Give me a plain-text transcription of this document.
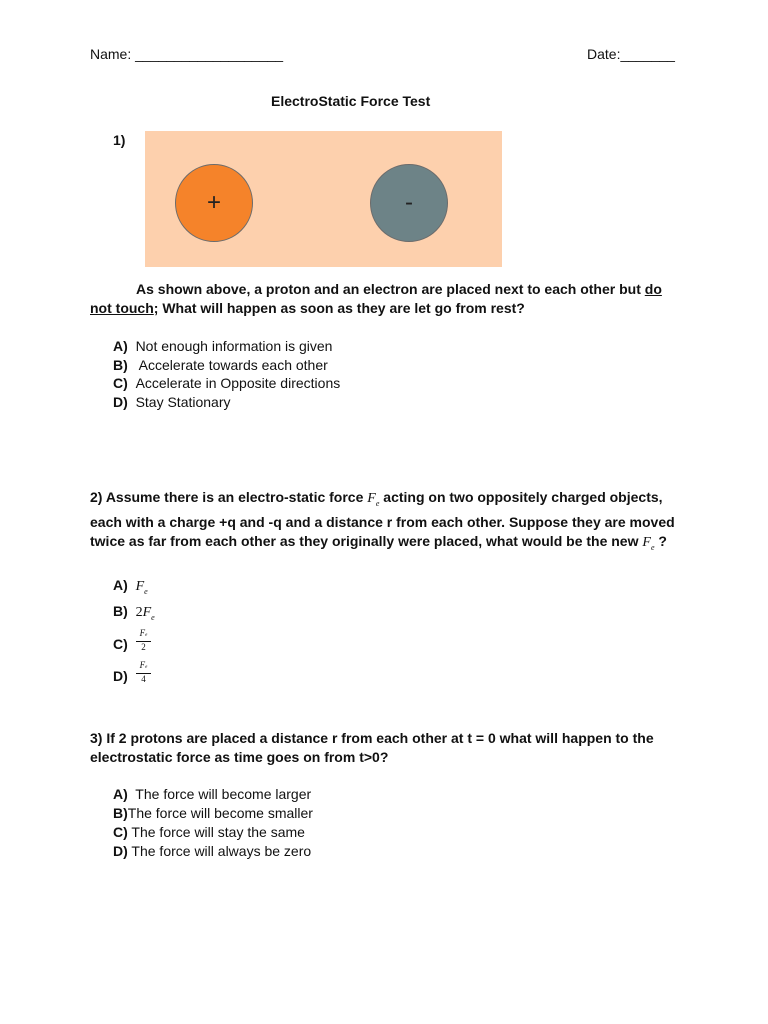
Name: ___________________	Date:_______
ElectroStatic Force Test
1)
+	-
As shown above, a proton and an electron are placed next to each other but do
not touch; What will happen as soon as they are let go from rest?
A) Not enough information is given
B)   Accelerate towards each other
C) Accelerate in Opposite directions
D) Stay Stationary
2) Assume there is an electro-static force $F_e$ acting on two oppositely charged objects,
each with a charge +q and -q and a distance r from each other. Suppose they are moved
twice as far from each other as they originally were placed, what would be the new $F_e$ ?
A) $F_e$
B) $2F_e$
C)
Fe
2
D)
Fe
4
3) If 2 protons are placed a distance r from each other at t = 0 what will happen to the
electrostatic force as time goes on from t>0?
A)  The force will become larger
B)The force will become smaller
C) The force will stay the same
D) The force will always be zero
